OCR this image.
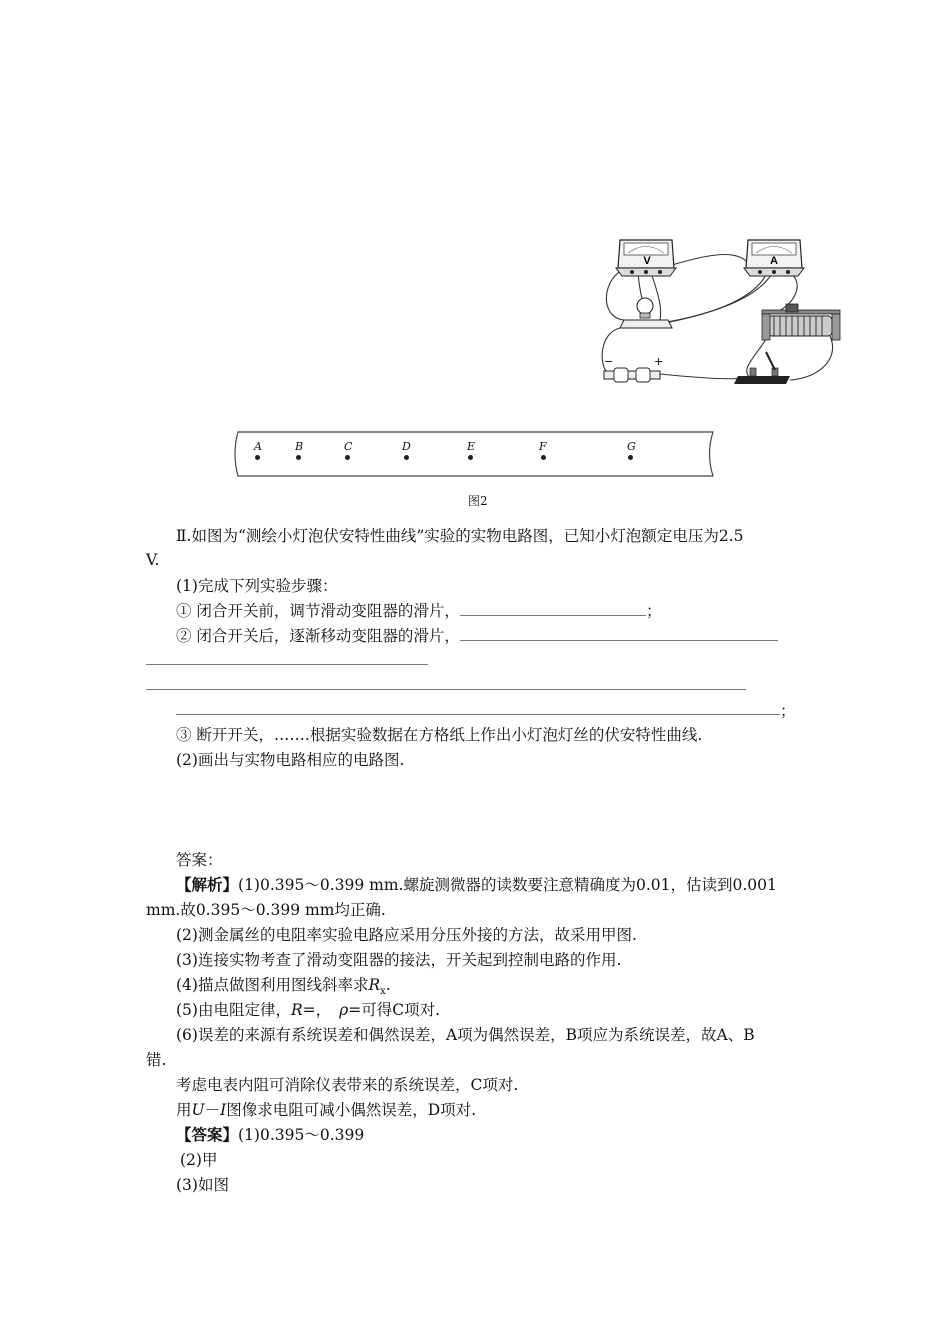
V	A
−	+
A	B	C	D	E	F	G
图2
Ⅱ.如图为“测绘小灯泡伏安特性曲线”实验的实物电路图，已知小灯泡额定电压为2.5
V.
(1)完成下列实验步骤：
① 闭合开关前，调节滑动变阻器的滑片，	；
② 闭合开关后，逐渐移动变阻器的滑片，
；
③ 断开开关，…….根据实验数据在方格纸上作出小灯泡灯丝的伏安特性曲线.
(2)画出与实物电路相应的电路图.
答案：
【解析】(1)0.395～0.399 mm.螺旋测微器的读数要注意精确度为0.01，估读到0.001
mm.故0.395～0.399 mm均正确.
(2)测金属丝的电阻率实验电路应采用分压外接的方法，故采用甲图.
(3)连接实物考查了滑动变阻器的接法，开关起到控制电路的作用.
(4)描点做图利用图线斜率求$R_x$.
(5)由电阻定律，R=， ρ=可得C项对.
(6)误差的来源有系统误差和偶然误差，A项为偶然误差，B项应为系统误差，故A、B
错.
考虑电表内阻可消除仪表带来的系统误差，C项对.
用U－I图像求电阻可减小偶然误差，D项对.
【答案】(1)0.395～0.399
(2)甲
(3)如图
